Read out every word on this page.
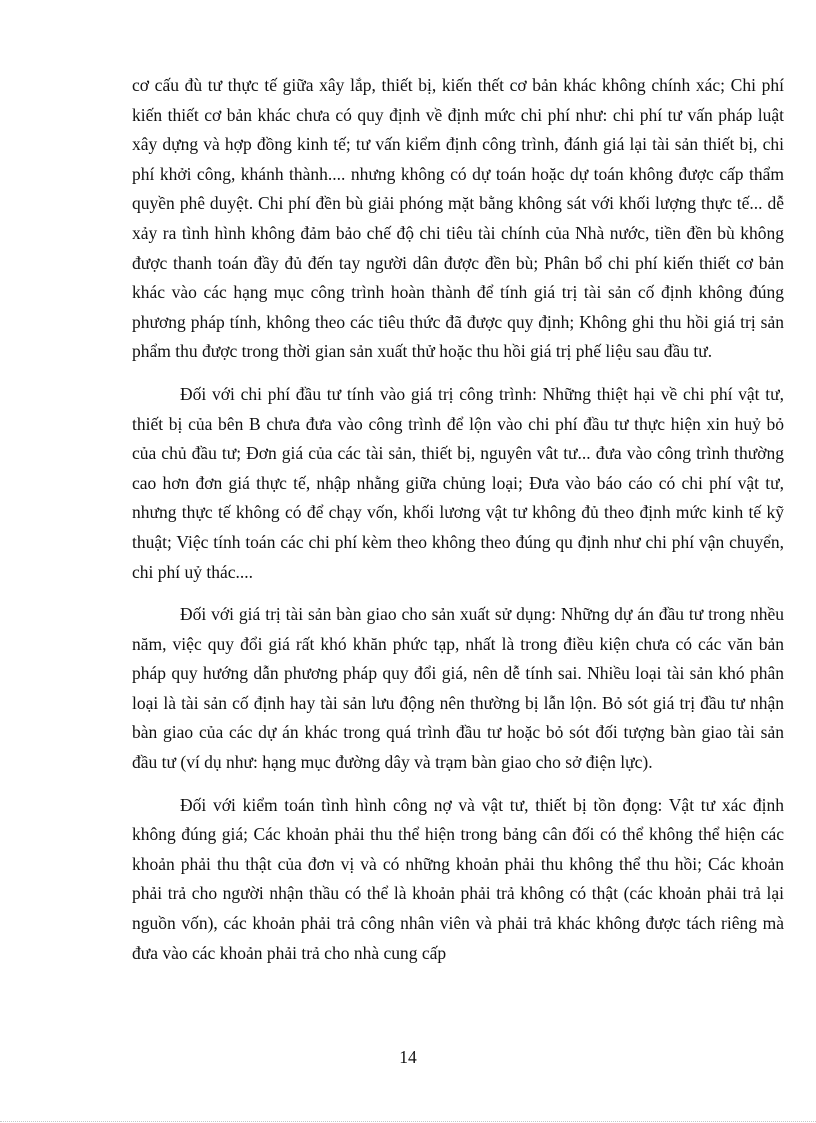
cơ cấu đù tư thực tế giữa xây lắp, thiết bị, kiến thết cơ bản khác không chính xác; Chi phí kiến thiết cơ bản khác chưa có quy định về định mức chi phí như: chi phí tư vấn pháp luật xây dựng và hợp đồng kinh tế; tư vấn kiểm định công trình, đánh giá lại tài sản thiết bị, chi phí khởi công, khánh thành.... nhưng không có dự toán hoặc dự toán không được cấp thẩm quyền phê duyệt. Chi phí đền bù giải phóng mặt bằng không sát với khối lượng thực tế... dễ xảy ra tình hình không đảm bảo chế độ chi tiêu tài chính của Nhà nước, tiền đền bù không được thanh toán đầy đủ đến tay người dân được đền bù; Phân bổ chi phí kiến thiết cơ bản khác vào các hạng mục công trình hoàn thành để tính giá trị tài sản cố định không đúng phương pháp tính, không theo các tiêu thức đã được quy định; Không ghi thu hồi giá trị sản phẩm thu được trong thời gian sản xuất thử hoặc thu hồi giá trị phế liệu sau đầu tư.

Đối với chi phí đầu tư tính vào giá trị công trình: Những thiệt hại về chi phí vật tư, thiết bị của bên B chưa đưa vào công trình để lộn vào chi phí đầu tư thực hiện xin huỷ bỏ của chủ đầu tư; Đơn giá của các tài sản, thiết bị, nguyên vât tư... đưa vào công trình thường cao hơn đơn giá thực tế, nhập nhằng giữa chủng loại; Đưa vào báo cáo có chi phí vật tư, nhưng thực tế không có để chạy vốn, khối lương vật tư không đủ theo định mức kinh tế kỹ thuật; Việc tính toán các chi phí kèm theo không theo đúng qu định như chi phí vận chuyển, chi phí uỷ thác....

Đối với giá trị tài sản bàn giao cho sản xuất sử dụng: Những dự án đầu tư trong nhều năm, việc quy đổi giá rất khó khăn phức tạp, nhất là trong điều kiện chưa có các văn bản pháp quy hướng dẫn phương pháp quy đổi giá, nên dễ tính sai. Nhiều loại tài sản khó phân loại là tài sản cố định hay tài sản lưu động nên thường bị lẫn lộn. Bỏ sót giá trị đầu tư nhận bàn giao của các dự án khác trong quá trình đầu tư hoặc bỏ sót đối tượng bàn giao tài sản đầu tư (ví dụ như: hạng mục đường dây và trạm bàn giao cho sở điện lực).

Đối với kiểm toán tình hình công nợ và vật tư, thiết bị tồn đọng: Vật tư xác định không đúng giá; Các khoản phải thu thể hiện trong bảng cân đối có thể không thể hiện các khoản phải thu thật của đơn vị và có những khoản phải thu không thể thu hồi; Các khoản phải trả cho người nhận thầu có thể là khoản phải trả không có thật (các khoản phải trả lại nguồn vốn), các khoản phải trả công nhân viên và phải trả khác không được tách riêng mà đưa vào các khoản phải trả cho nhà cung cấp

14
